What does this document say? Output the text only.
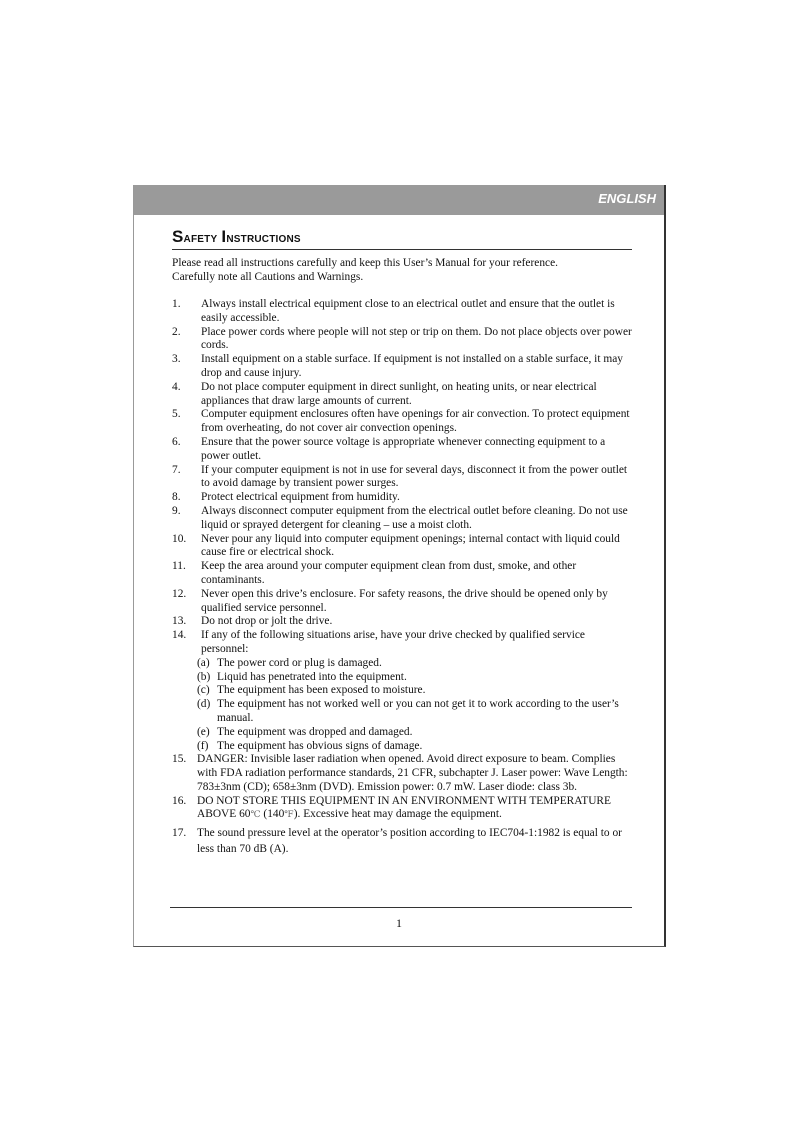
ENGLISH
Safety Instructions
Please read all instructions carefully and keep this User’s Manual for your reference.
Carefully note all Cautions and Warnings.
1. Always install electrical equipment close to an electrical outlet and ensure that the outlet is easily accessible.
2. Place power cords where people will not step or trip on them. Do not place objects over power cords.
3. Install equipment on a stable surface. If equipment is not installed on a stable surface, it may drop and cause injury.
4. Do not place computer equipment in direct sunlight, on heating units, or near electrical appliances that draw large amounts of current.
5. Computer equipment enclosures often have openings for air convection. To protect equipment from overheating, do not cover air convection openings.
6. Ensure that the power source voltage is appropriate whenever connecting equipment to a power outlet.
7. If your computer equipment is not in use for several days, disconnect it from the power outlet to avoid damage by transient power surges.
8. Protect electrical equipment from humidity.
9. Always disconnect computer equipment from the electrical outlet before cleaning. Do not use liquid or sprayed detergent for cleaning – use a moist cloth.
10. Never pour any liquid into computer equipment openings; internal contact with liquid could cause fire or electrical shock.
11. Keep the area around your computer equipment clean from dust, smoke, and other contaminants.
12. Never open this drive’s enclosure. For safety reasons, the drive should be opened only by qualified service personnel.
13. Do not drop or jolt the drive.
14. If any of the following situations arise, have your drive checked by qualified service personnel:
(a) The power cord or plug is damaged.
(b) Liquid has penetrated into the equipment.
(c) The equipment has been exposed to moisture.
(d) The equipment has not worked well or you can not get it to work according to the user’s manual.
(e) The equipment was dropped and damaged.
(f) The equipment has obvious signs of damage.
15. DANGER: Invisible laser radiation when opened. Avoid direct exposure to beam. Complies with FDA radiation performance standards, 21 CFR, subchapter J. Laser power: Wave Length: 783±3nm (CD); 658±3nm (DVD). Emission power: 0.7 mW. Laser diode: class 3b.
16. DO NOT STORE THIS EQUIPMENT IN AN ENVIRONMENT WITH TEMPERATURE ABOVE 60℃ (140℉). Excessive heat may damage the equipment.
17. The sound pressure level at the operator’s position according to IEC704-1:1982 is equal to or less than 70 dB (A).
1
